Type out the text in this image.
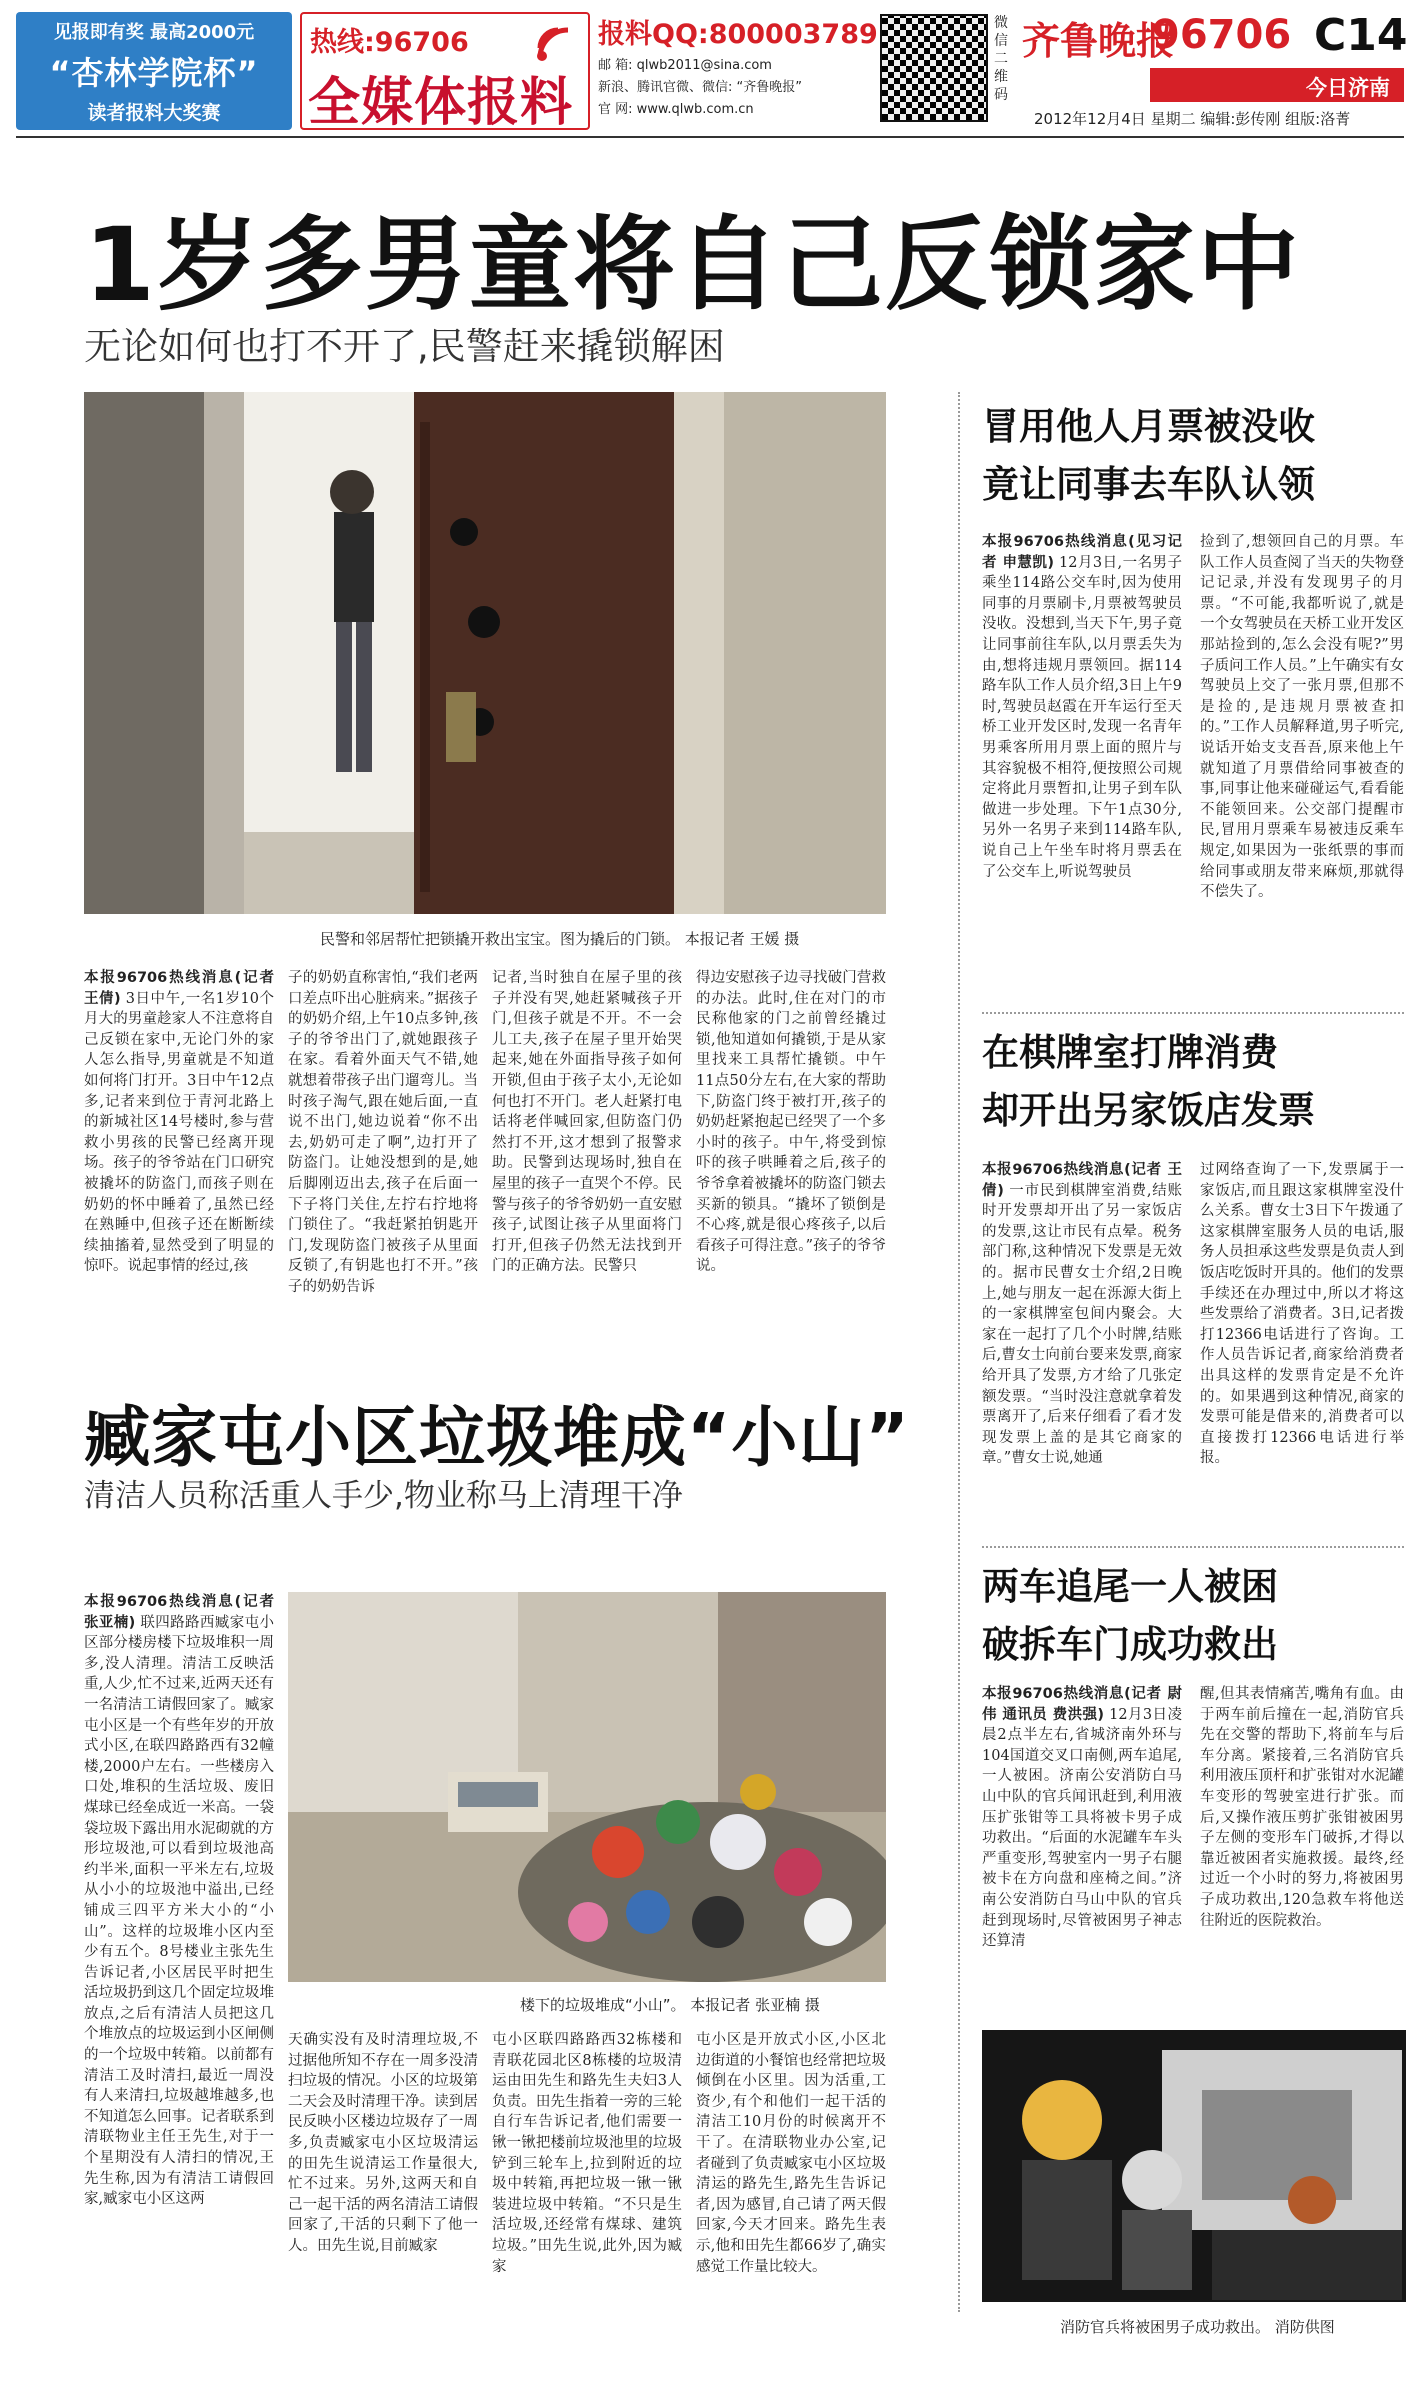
见报即有奖 最高2000元
“杏林学院杯”
读者报料大奖赛
热线:96706
全媒体报料
报料QQ:800003789
邮 箱: qlwb2011@sina.com
新浪、腾讯官微、微信: “齐鲁晚报”
官 网: www.qlwb.com.cn
微信二维码
齐鲁晚报
96706 C14
今日济南
2012年12月4日 星期二 编辑:彭传刚 组版:洛菁
1岁多男童将自己反锁家中
无论如何也打不开了,民警赶来撬锁解困
民警和邻居帮忙把锁撬开救出宝宝。图为撬后的门锁。 本报记者 王媛 摄
本报96706热线消息(记者 王倩) 3日中午,一名1岁10个月大的男童趁家人不注意将自己反锁在家中,无论门外的家人怎么指导,男童就是不知道如何将门打开。3日中午12点多,记者来到位于青河北路上的新城社区14号楼时,参与营救小男孩的民警已经离开现场。孩子的爷爷站在门口研究被撬坏的防盗门,而孩子则在奶奶的怀中睡着了,虽然已经在熟睡中,但孩子还在断断续续抽搐着,显然受到了明显的惊吓。说起事情的经过,孩
子的奶奶直称害怕,“我们老两口差点吓出心脏病来。”据孩子的奶奶介绍,上午10点多钟,孩子的爷爷出门了,就她跟孩子在家。看着外面天气不错,她就想着带孩子出门遛弯儿。当时孩子淘气,跟在她后面,一直说不出门,她边说着“你不出去,奶奶可走了啊”,边打开了防盗门。让她没想到的是,她后脚刚迈出去,孩子在后面一下子将门关住,左拧右拧地将门锁住了。“我赶紧拍钥匙开门,发现防盗门被孩子从里面反锁了,有钥匙也打不开。”孩子的奶奶告诉
记者,当时独自在屋子里的孩子并没有哭,她赶紧喊孩子开门,但孩子就是不开。不一会儿工夫,孩子在屋子里开始哭起来,她在外面指导孩子如何开锁,但由于孩子太小,无论如何也打不开门。老人赶紧打电话将老伴喊回家,但防盗门仍然打不开,这才想到了报警求助。民警到达现场时,独自在屋里的孩子一直哭个不停。民警与孩子的爷爷奶奶一直安慰孩子,试图让孩子从里面将门打开,但孩子仍然无法找到开门的正确方法。民警只
得边安慰孩子边寻找破门营救的办法。此时,住在对门的市民称他家的门之前曾经撬过锁,他知道如何撬锁,于是从家里找来工具帮忙撬锁。中午11点50分左右,在大家的帮助下,防盗门终于被打开,孩子的奶奶赶紧抱起已经哭了一个多小时的孩子。中午,将受到惊吓的孩子哄睡着之后,孩子的爷爷拿着被撬坏的防盗门锁去买新的锁具。“撬坏了锁倒是不心疼,就是很心疼孩子,以后看孩子可得注意。”孩子的爷爷说。
臧家屯小区垃圾堆成“小山”
清洁人员称活重人手少,物业称马上清理干净
本报96706热线消息(记者 张亚楠) 联四路路西臧家屯小区部分楼房楼下垃圾堆积一周多,没人清理。清洁工反映活重,人少,忙不过来,近两天还有一名清洁工请假回家了。臧家屯小区是一个有些年岁的开放式小区,在联四路路西有32幢楼,2000户左右。一些楼房入口处,堆积的生活垃圾、废旧煤球已经垒成近一米高。一袋袋垃圾下露出用水泥砌就的方形垃圾池,可以看到垃圾池高约半米,面积一平米左右,垃圾从小小的垃圾池中溢出,已经铺成三四平方米大小的“小山”。这样的垃圾堆小区内至少有五个。8号楼业主张先生告诉记者,小区居民平时把生活垃圾扔到这几个固定垃圾堆放点,之后有清洁人员把这几个堆放点的垃圾运到小区闸侧的一个垃圾中转箱。以前都有清洁工及时清扫,最近一周没有人来清扫,垃圾越堆越多,也不知道怎么回事。记者联系到清联物业主任王先生,对于一个星期没有人清扫的情况,王先生称,因为有清洁工请假回家,臧家屯小区这两
楼下的垃圾堆成“小山”。 本报记者 张亚楠 摄
天确实没有及时清理垃圾,不过据他所知不存在一周多没清扫垃圾的情况。小区的垃圾第二天会及时清理干净。读到居民反映小区楼边垃圾存了一周多,负责臧家屯小区垃圾清运的田先生说清运工作量很大,忙不过来。另外,这两天和自己一起干活的两名清洁工请假回家了,干活的只剩下了他一人。田先生说,目前臧家
屯小区联四路路西32栋楼和青联花园北区8栋楼的垃圾清运由田先生和路先生夫妇3人负责。田先生指着一旁的三轮自行车告诉记者,他们需要一锹一锹把楼前垃圾池里的垃圾铲到三轮车上,拉到附近的垃圾中转箱,再把垃圾一锹一锹装进垃圾中转箱。“不只是生活垃圾,还经常有煤球、建筑垃圾。”田先生说,此外,因为臧家
屯小区是开放式小区,小区北边街道的小餐馆也经常把垃圾倾倒在小区里。因为活重,工资少,有个和他们一起干活的清洁工10月份的时候离开不干了。在清联物业办公室,记者碰到了负责臧家屯小区垃圾清运的路先生,路先生告诉记者,因为感冒,自己请了两天假回家,今天才回来。路先生表示,他和田先生都66岁了,确实感觉工作量比较大。
冒用他人月票被没收
竟让同事去车队认领
本报96706热线消息(见习记者 申慧凯) 12月3日,一名男子乘坐114路公交车时,因为使用同事的月票刷卡,月票被驾驶员没收。没想到,当天下午,男子竟让同事前往车队,以月票丢失为由,想将违规月票领回。据114路车队工作人员介绍,3日上午9时,驾驶员赵霞在开车运行至天桥工业开发区时,发现一名青年男乘客所用月票上面的照片与其容貌极不相符,便按照公司规定将此月票暂扣,让男子到车队做进一步处理。下午1点30分,另外一名男子来到114路车队,说自己上午坐车时将月票丢在了公交车上,听说驾驶员
捡到了,想领回自己的月票。车队工作人员查阅了当天的失物登记记录,并没有发现男子的月票。“不可能,我都听说了,就是一个女驾驶员在天桥工业开发区那站捡到的,怎么会没有呢?”男子质问工作人员。”上午确实有女驾驶员上交了一张月票,但那不是捡的,是违规月票被查扣的。”工作人员解释道,男子听完,说话开始支支吾吾,原来他上午就知道了月票借给同事被查的事,同事让他来碰碰运气,看看能不能领回来。公交部门提醒市民,冒用月票乘车易被违反乘车规定,如果因为一张纸票的事而给同事或朋友带来麻烦,那就得不偿失了。
在棋牌室打牌消费
却开出另家饭店发票
本报96706热线消息(记者 王倩) 一市民到棋牌室消费,结账时开发票却开出了另一家饭店的发票,这让市民有点晕。税务部门称,这种情况下发票是无效的。据市民曹女士介绍,2日晚上,她与朋友一起在泺源大街上的一家棋牌室包间内聚会。大家在一起打了几个小时牌,结账后,曹女士向前台要来发票,商家给开具了发票,方才给了几张定额发票。“当时没注意就拿着发票离开了,后来仔细看了看才发现发票上盖的是其它商家的章。”曹女士说,她通
过网络查询了一下,发票属于一家饭店,而且跟这家棋牌室没什么关系。曹女士3日下午拨通了这家棋牌室服务人员的电话,服务人员担承这些发票是负责人到饭店吃饭时开具的。他们的发票手续还在办理过中,所以才将这些发票给了消费者。3日,记者拨打12366电话进行了咨询。工作人员告诉记者,商家给消费者出具这样的发票肯定是不允许的。如果遇到这种情况,商家的发票可能是借来的,消费者可以直接拨打12366电话进行举报。
两车追尾一人被困
破拆车门成功救出
本报96706热线消息(记者 尉伟 通讯员 费洪强) 12月3日凌晨2点半左右,省城济南外环与104国道交叉口南侧,两车追尾,一人被困。济南公安消防白马山中队的官兵闻讯赶到,利用液压扩张钳等工具将被卡男子成功救出。“后面的水泥罐车车头严重变形,驾驶室内一男子右腿被卡在方向盘和座椅之间。”济南公安消防白马山中队的官兵赶到现场时,尽管被困男子神志还算清
醒,但其表情痛苦,嘴角有血。由于两车前后撞在一起,消防官兵先在交警的帮助下,将前车与后车分离。紧接着,三名消防官兵利用液压顶杆和扩张钳对水泥罐车变形的驾驶室进行扩张。而后,又操作液压剪扩张钳被困男子左侧的变形车门破拆,才得以靠近被困者实施救援。最终,经过近一个小时的努力,将被困男子成功救出,120急救车将他送往附近的医院救治。
消防官兵将被困男子成功救出。 消防供图
